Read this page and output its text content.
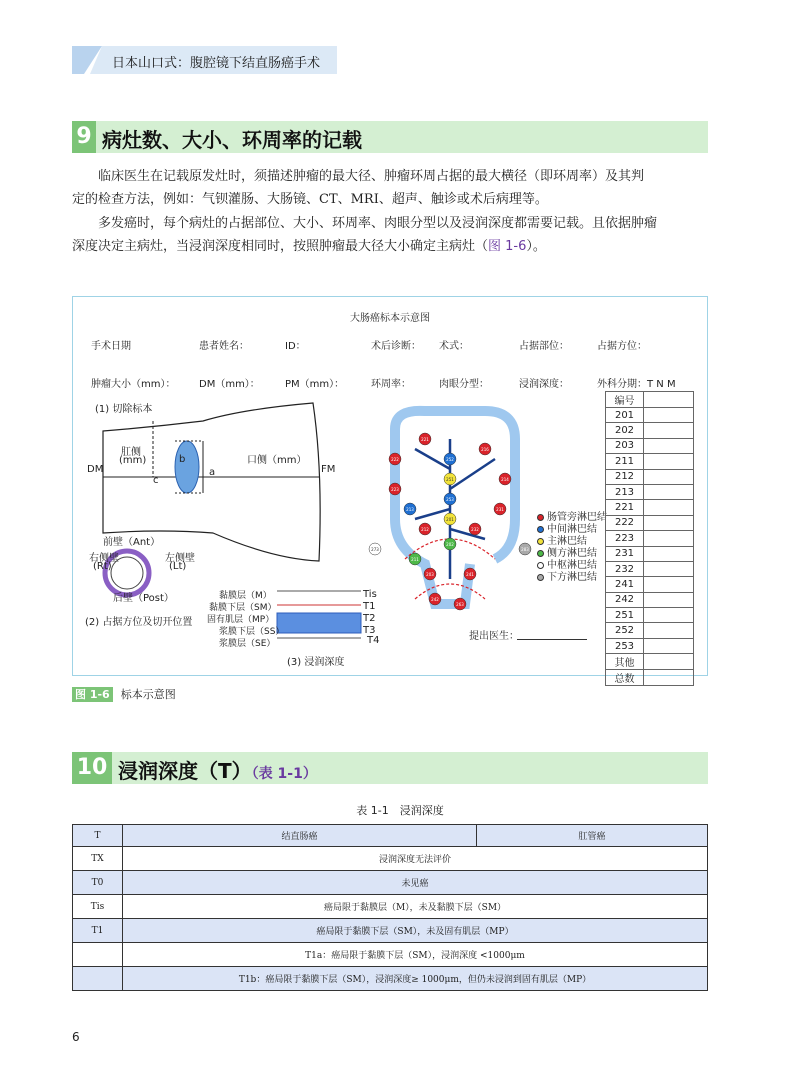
日本山口式：腹腔镜下结直肠癌手术
9 病灶数、大小、环周率的记载
临床医生在记载原发灶时，须描述肿瘤的最大径、肿瘤环周占据的最大横径（即环周率）及其判
定的检查方法，例如：气钡灌肠、大肠镜、CT、MRI、超声、触诊或术后病理等。
多发癌时，每个病灶的占据部位、大小、环周率、肉眼分型以及浸润深度都需要记载。且依据肿瘤
深度决定主病灶，当浸润深度相同时，按照肿瘤最大径大小确定主病灶（图 1-6）。
大肠癌标本示意图
手术日期	患者姓名：	ID：	术后诊断： 术式：	占据部位：	占据方位：
肿瘤大小（mm）： DM（mm）：	PM（mm）：	环周率：	肉眼分型：	浸润深度：	外科分期：T N M
(1) 切除标本
肛侧
(mm)	口侧（mm）
DM	FM
b
a
c
前壁（Ant）
右侧壁
(Rt)
左侧壁
(Lt)
后壁（Post）
(2) 占据方位及切开位置
黏膜层（M）
黏膜下层（SM）
固有肌层（MP）
浆膜下层（SS）
浆膜层（SE）
Tis
T1
T2
T3
T4
(3) 浸润深度
221
222
223
213
212
211
216
214
231
232
252
251
253
201
202
203	241
242
263
273	283
提出医生：
肠管旁淋巴结
中间淋巴结
主淋巴结
侧方淋巴结
中枢淋巴结
下方淋巴结
编号	
201	
202	
203	
211	
212	
213	
221	
222	
223	
231	
232	
241	
242	
251	
252	
253	
其他	
总数	
图 1-6 标本示意图
10 浸润深度（T）（表 1-1）
表 1-1　浸润深度
T	结直肠癌	肛管癌
TX	浸润深度无法评价	
T0	未见癌	
Tis	癌局限于黏膜层（M），未及黏膜下层（SM）	
T1	癌局限于黏膜下层（SM），未及固有肌层（MP）	
	T1a：癌局限于黏膜下层（SM），浸润深度 <1000μm	
	T1b：癌局限于黏膜下层（SM），浸润深度≥ 1000μm，但仍未浸润到固有肌层（MP）	
6
